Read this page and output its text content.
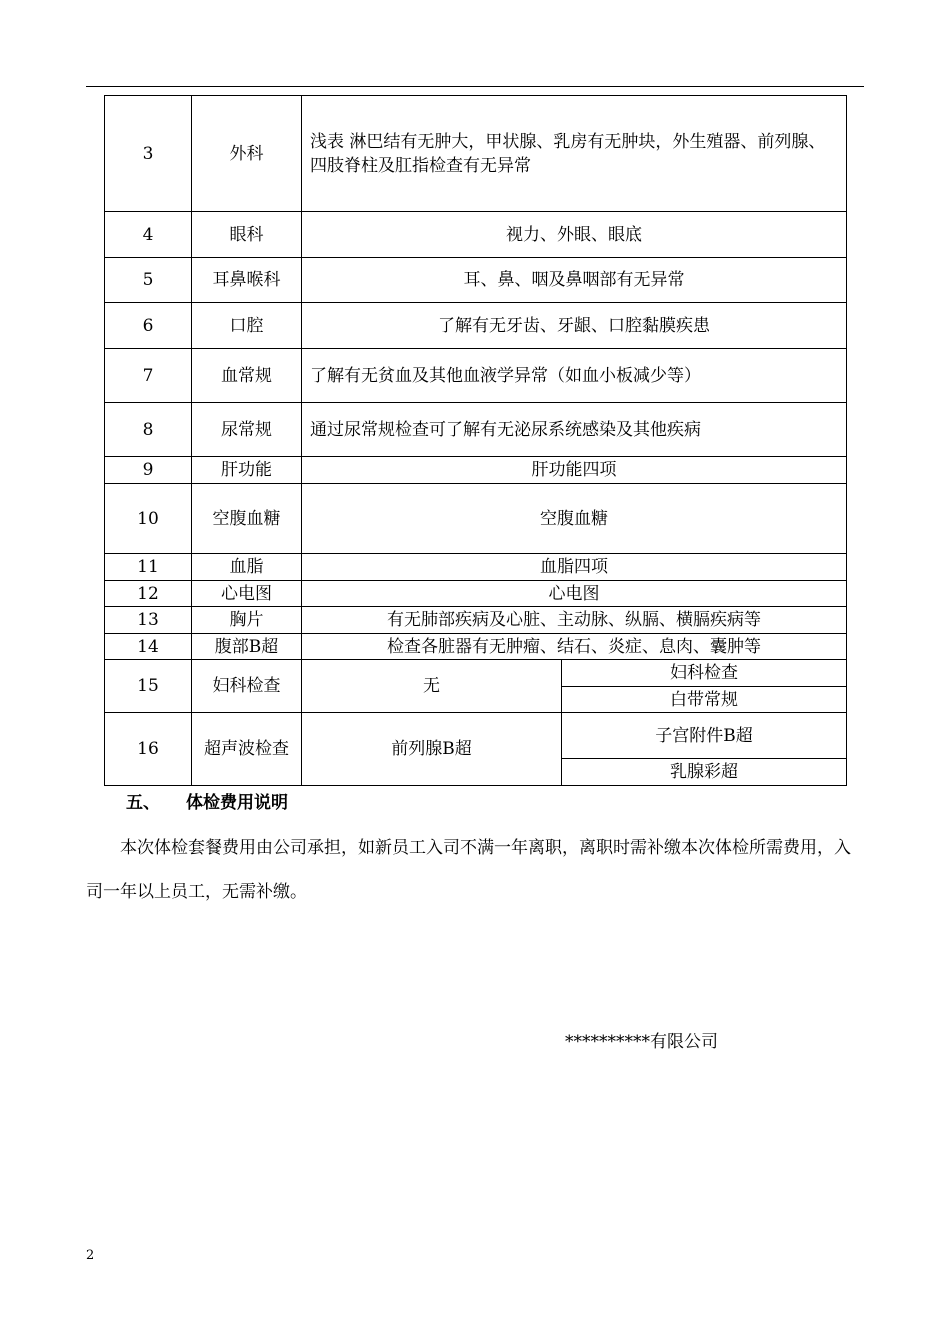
3	外科	浅表 淋巴结有无肿大，甲状腺、乳房有无肿块，外生殖器、前列腺、四肢脊柱及肛指检查有无异常	
4	眼科	视力、外眼、眼底	
5	耳鼻喉科	耳、鼻、咽及鼻咽部有无异常	
6	口腔	了解有无牙齿、牙龈、口腔黏膜疾患	
7	血常规	了解有无贫血及其他血液学异常（如血小板减少等）	
8	尿常规	通过尿常规检查可了解有无泌尿系统感染及其他疾病	
9	肝功能	肝功能四项	
10	空腹血糖	空腹血糖	
11	血脂	血脂四项	
12	心电图	心电图	
13	胸片	有无肺部疾病及心脏、主动脉、纵膈、横膈疾病等	
14	腹部B超	检查各脏器有无肿瘤、结石、炎症、息肉、囊肿等	
15	妇科检查	无	妇科检查
			白带常规
16	超声波检查	前列腺B超	子宫附件B超
			乳腺彩超
五、 体检费用说明

本次体检套餐费用由公司承担，如新员工入司不满一年离职，离职时需补缴本次体检所需费用，入司一年以上员工，无需补缴。

**********有限公司
2
